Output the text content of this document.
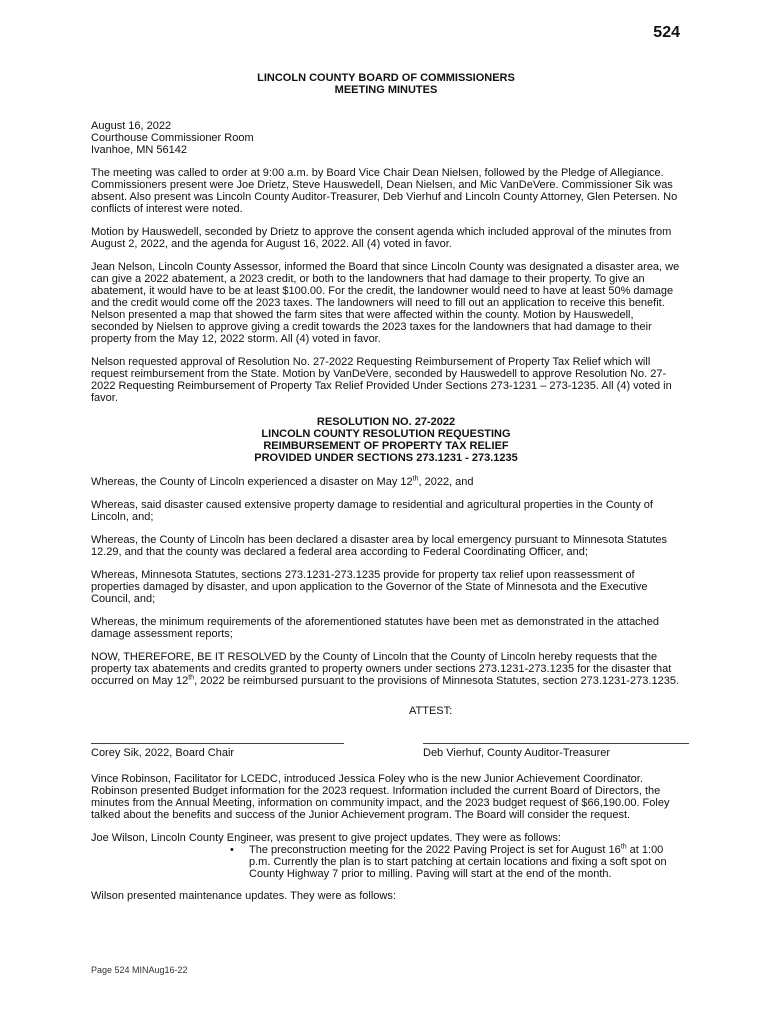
524
LINCOLN COUNTY BOARD OF COMMISSIONERS
MEETING MINUTES

August 16, 2022
Courthouse Commissioner Room
Ivanhoe, MN 56142

The meeting was called to order at 9:00 a.m. by Board Vice Chair Dean Nielsen, followed by the Pledge of Allegiance. Commissioners present were Joe Drietz, Steve Hauswedell, Dean Nielsen, and Mic VanDeVere. Commissioner Sik was absent. Also present was Lincoln County Auditor-Treasurer, Deb Vierhuf and Lincoln County Attorney, Glen Petersen. No conflicts of interest were noted.

Motion by Hauswedell, seconded by Drietz to approve the consent agenda which included approval of the minutes from August 2, 2022, and the agenda for August 16, 2022. All (4) voted in favor.

Jean Nelson, Lincoln County Assessor, informed the Board that since Lincoln County was designated a disaster area, we can give a 2022 abatement, a 2023 credit, or both to the landowners that had damage to their property. To give an abatement, it would have to be at least $100.00. For the credit, the landowner would need to have at least 50% damage and the credit would come off the 2023 taxes. The landowners will need to fill out an application to receive this benefit. Nelson presented a map that showed the farm sites that were affected within the county. Motion by Hauswedell, seconded by Nielsen to approve giving a credit towards the 2023 taxes for the landowners that had damage to their property from the May 12, 2022 storm. All (4) voted in favor.

Nelson requested approval of Resolution No. 27-2022 Requesting Reimbursement of Property Tax Relief which will request reimbursement from the State. Motion by VanDeVere, seconded by Hauswedell to approve Resolution No. 27-2022 Requesting Reimbursement of Property Tax Relief Provided Under Sections 273-1231 – 273-1235. All (4) voted in favor.

RESOLUTION NO. 27-2022
LINCOLN COUNTY RESOLUTION REQUESTING
REIMBURSEMENT OF PROPERTY TAX RELIEF
PROVIDED UNDER SECTIONS 273.1231 - 273.1235

Whereas, the County of Lincoln experienced a disaster on May 12th, 2022, and

Whereas, said disaster caused extensive property damage to residential and agricultural properties in the County of Lincoln, and;

Whereas, the County of Lincoln has been declared a disaster area by local emergency pursuant to Minnesota Statutes 12.29, and that the county was declared a federal area according to Federal Coordinating Officer, and;

Whereas, Minnesota Statutes, sections 273.1231-273.1235 provide for property tax relief upon reassessment of properties damaged by disaster, and upon application to the Governor of the State of Minnesota and the Executive Council, and;

Whereas, the minimum requirements of the aforementioned statutes have been met as demonstrated in the attached damage assessment reports;

NOW, THEREFORE, BE IT RESOLVED by the County of Lincoln that the County of Lincoln hereby requests that the property tax abatements and credits granted to property owners under sections 273.1231-273.1235 for the disaster that occurred on May 12th, 2022 be reimbursed pursuant to the provisions of Minnesota Statutes, section 273.1231-273.1235.

ATTEST:
Corey Sik, 2022, Board Chair	Deb Vierhuf, County Auditor-Treasurer

Vince Robinson, Facilitator for LCEDC, introduced Jessica Foley who is the new Junior Achievement Coordinator. Robinson presented Budget information for the 2023 request. Information included the current Board of Directors, the minutes from the Annual Meeting, information on community impact, and the 2023 budget request of $66,190.00. Foley talked about the benefits and success of the Junior Achievement program. The Board will consider the request.

Joe Wilson, Lincoln County Engineer, was present to give project updates. They were as follows:

• The preconstruction meeting for the 2022 Paving Project is set for August 16th at 1:00 p.m. Currently the plan is to start patching at certain locations and fixing a soft spot on County Highway 7 prior to milling. Paving will start at the end of the month.

Wilson presented maintenance updates. They were as follows:

Page 524 MINAug16-22
